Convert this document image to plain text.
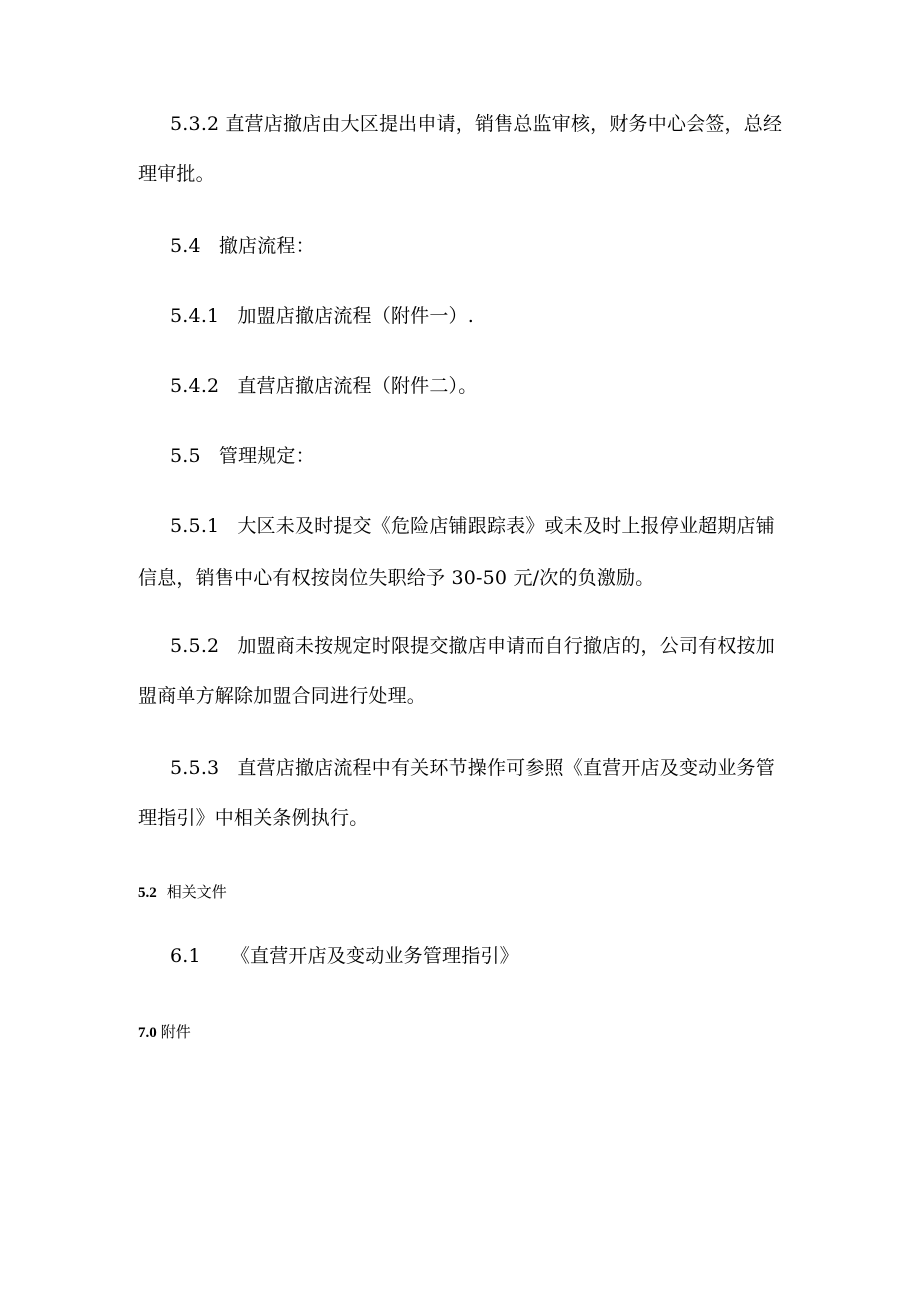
5.3.2 直营店撤店由大区提出申请，销售总监审核，财务中心会签，总经
理审批。
5.4 撤店流程：
5.4.1 加盟店撤店流程（附件一）.
5.4.2 直营店撤店流程（附件二）。
5.5 管理规定：
5.5.1 大区未及时提交《危险店铺跟踪表》或未及时上报停业超期店铺
信息，销售中心有权按岗位失职给予 30-50 元/次的负激励。
5.5.2 加盟商未按规定时限提交撤店申请而自行撤店的，公司有权按加
盟商单方解除加盟合同进行处理。
5.5.3 直营店撤店流程中有关环节操作可参照《直营开店及变动业务管
理指引》中相关条例执行。
5.2 相关文件
6.1 《直营开店及变动业务管理指引》
7.0 附件
